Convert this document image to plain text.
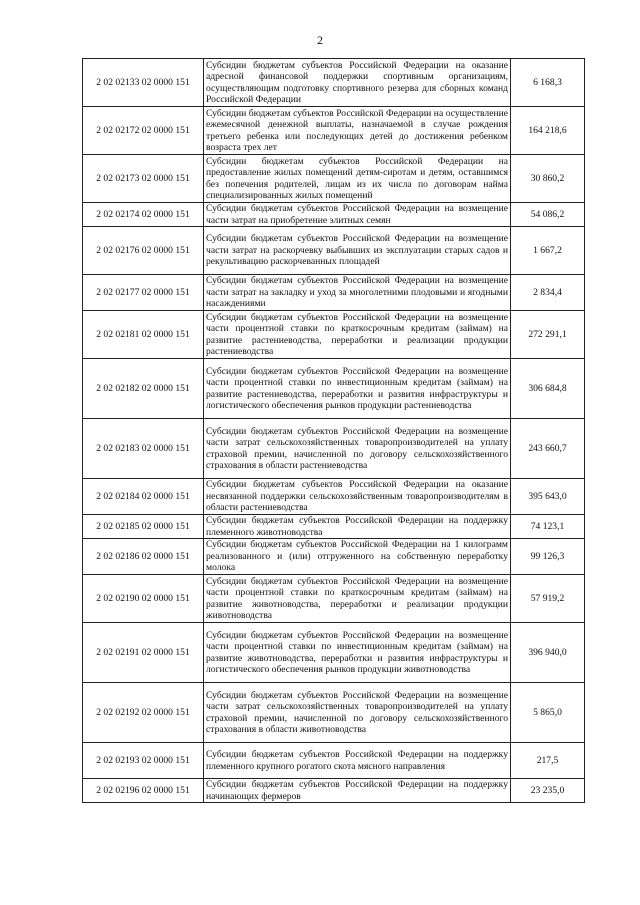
2
2 02 02133 02 0000 151	Субсидии бюджетам субъектов Российской Федерации на оказание адресной финансовой поддержки спортивным организациям, осуществляющим подготовку спортивного резерва для сборных команд Российской Федерации	6 168,3
2 02 02172 02 0000 151	Субсидии бюджетам субъектов Российской Федерации на осуществление ежемесячной денежной выплаты, назначаемой в случае рождения третьего ребенка или последующих детей до достижения ребенком возраста трех лет	164 218,6
2 02 02173 02 0000 151	Субсидии бюджетам субъектов Российской Федерации на предоставление жилых помещений детям-сиротам и детям, оставшимся без попечения родителей, лицам из их числа по договорам найма специализированных жилых помещений	30 860,2
2 02 02174 02 0000 151	Субсидии бюджетам субъектов Российской Федерации на возмещение части затрат на приобретение элитных семян	54 086,2
2 02 02176 02 0000 151	Субсидии бюджетам субъектов Российской Федерации на возмещение части затрат на раскорчевку выбывших из эксплуатации старых садов и рекультивацию раскорчеванных площадей	1 667,2
2 02 02177 02 0000 151	Субсидии бюджетам субъектов Российской Федерации на возмещение части затрат на закладку и уход за многолетними плодовыми и ягодными насаждениями	2 834,4
2 02 02181 02 0000 151	Субсидии бюджетам субъектов Российской Федерации на возмещение части процентной ставки по краткосрочным кредитам (займам) на развитие растениеводства, переработки и реализации продукции растениеводства	272 291,1
2 02 02182 02 0000 151	Субсидии бюджетам субъектов Российской Федерации на возмещение части процентной ставки по инвестиционным кредитам (займам) на развитие растениеводства, переработки и развития инфраструктуры и логистического обеспечения рынков продукции растениеводства	306 684,8
2 02 02183 02 0000 151	Субсидии бюджетам субъектов Российской Федерации на возмещение части затрат сельскохозяйственных товаропроизводителей на уплату страховой премии, начисленной по договору сельскохозяйственного страхования в области растениеводства	243 660,7
2 02 02184 02 0000 151	Субсидии бюджетам субъектов Российской Федерации на оказание несвязанной поддержки сельскохозяйственным товаропроизводителям в области растениеводства	395 643,0
2 02 02185 02 0000 151	Субсидии бюджетам субъектов Российской Федерации на поддержку племенного животноводства	74 123,1
2 02 02186 02 0000 151	Субсидии бюджетам субъектов Российской Федерации на 1 килограмм реализованного и (или) отгруженного на собственную переработку молока	99 126,3
2 02 02190 02 0000 151	Субсидии бюджетам субъектов Российской Федерации на возмещение части процентной ставки по краткосрочным кредитам (займам) на развитие животноводства, переработки и реализации продукции животноводства	57 919,2
2 02 02191 02 0000 151	Субсидии бюджетам субъектов Российской Федерации на возмещение части процентной ставки по инвестиционным кредитам (займам) на развитие животноводства, переработки и развития инфраструктуры и логистического обеспечения рынков продукции животноводства	396 940,0
2 02 02192 02 0000 151	Субсидии бюджетам субъектов Российской Федерации на возмещение части затрат сельскохозяйственных товаропроизводителей на уплату страховой премии, начисленной по договору сельскохозяйственного страхования в области животноводства	5 865,0
2 02 02193 02 0000 151	Субсидии бюджетам субъектов Российской Федерации на поддержку племенного крупного рогатого скота мясного направления	217,5
2 02 02196 02 0000 151	Субсидии бюджетам субъектов Российской Федерации на поддержку начинающих фермеров	23 235,0
